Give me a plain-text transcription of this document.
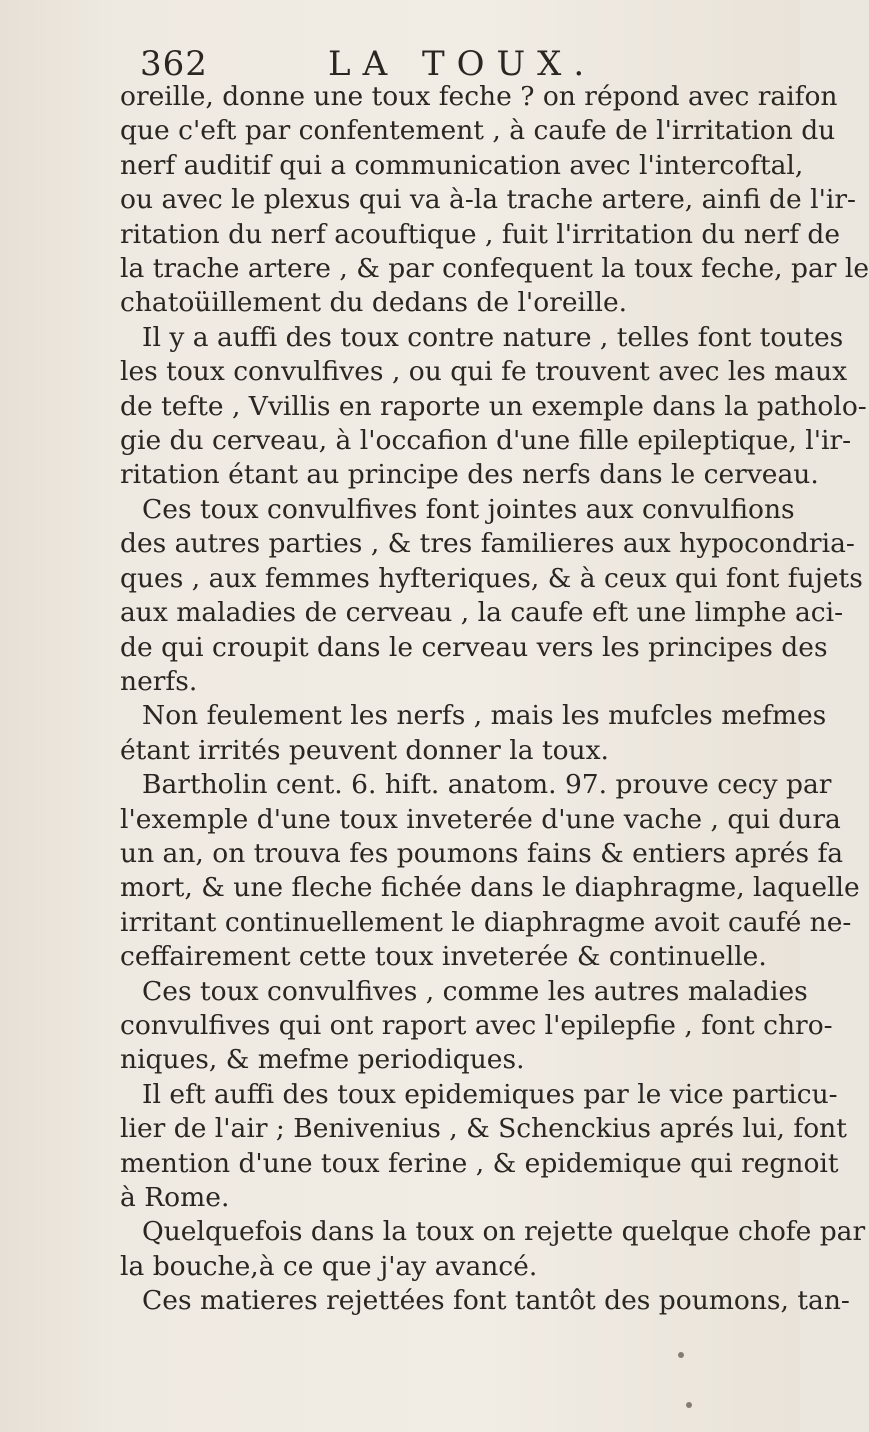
362	LA TOUX.
oreille, donne une toux feche ? on répond avec raifon
que c'eft par confentement , à caufe de l'irritation du
nerf auditif qui a communication avec l'intercoftal,
ou avec le plexus qui va à-la trache artere, ainfi de l'ir-
ritation du nerf acouftique , fuit l'irritation du nerf de
la trache artere , & par confequent la toux feche, par le
chatoüillement du dedans de l'oreille.
Il y a auffi des toux contre nature , telles font toutes
les toux convulfives , ou qui fe trouvent avec les maux
de tefte , Vvillis en raporte un exemple dans la patholo-
gie du cerveau, à l'occafion d'une fille epileptique, l'ir-
ritation étant au principe des nerfs dans le cerveau.
Ces toux convulfives font jointes aux convulfions
des autres parties , & tres familieres aux hypocondria-
ques , aux femmes hyfteriques, & à ceux qui font fujets
aux maladies de cerveau , la caufe eft une limphe aci-
de qui croupit dans le cerveau vers les principes des
nerfs.
Non feulement les nerfs , mais les mufcles mefmes
étant irrités peuvent donner la toux.
Bartholin cent. 6. hift. anatom. 97. prouve cecy par
l'exemple d'une toux inveterée d'une vache , qui dura
un an, on trouva fes poumons fains & entiers aprés fa
mort, & une fleche fichée dans le diaphragme, laquelle
irritant continuellement le diaphragme avoit caufé ne-
ceffairement cette toux inveterée & continuelle.
Ces toux convulfives , comme les autres maladies
convulfives qui ont raport avec l'epilepfie , font chro-
niques, & mefme periodiques.
Il eft auffi des toux epidemiques par le vice particu-
lier de l'air ; Benivenius , & Schenckius aprés lui, font
mention d'une toux ferine , & epidemique qui regnoit
à Rome.
Quelquefois dans la toux on rejette quelque chofe par
la bouche,à ce que j'ay avancé.
Ces matieres rejettées font tantôt des poumons, tan-
